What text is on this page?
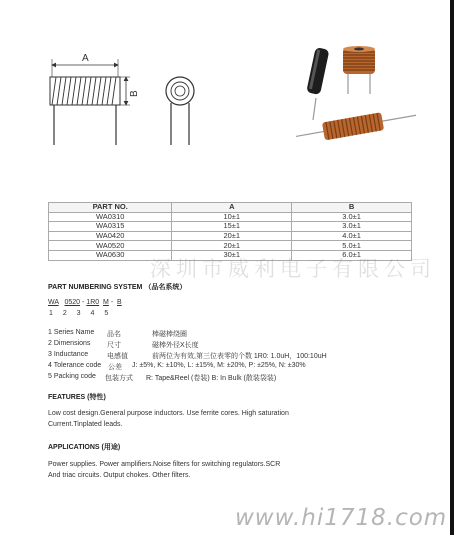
A
B
PART NO.	A	B
WA0310	10±1	3.0±1
WA0315	15±1	3.0±1
WA0420	20±1	4.0±1
WA0520	20±1	5.0±1
WA0630	30±1	6.0±1
深圳市威利电子有限公司
PART NUMBERING SYSTEM （品名系统）
WA 0520 - 1R0 M -  B
1 2 3 4 5
1 Series Name 品名	棒磁棒绕圈
2 Dimensions 尺寸	磁棒外径X长度
3 Inductance	电感值	前两位为有效,第三位表零的个数 1R0: 1.0uH，100:10uH
4 Tolerance code 公差 J: ±5%, K: ±10%, L: ±15%, M: ±20%, P: ±25%, N: ±30%
5 Packing code 包装方式 R: Tape&Reel (卷装) B: In Bulk (散装袋装)
FEATURES (特性)
Low cost design.General purpose inductors. Use ferrite cores. High saturation
Current.Tinplated leads.
APPLICATIONS (用途)
Power supplies. Power amplifiers.Noise filters for switching regulators.SCR
And triac circuits. Output chokes. Other filters.
www.hi1718.com
